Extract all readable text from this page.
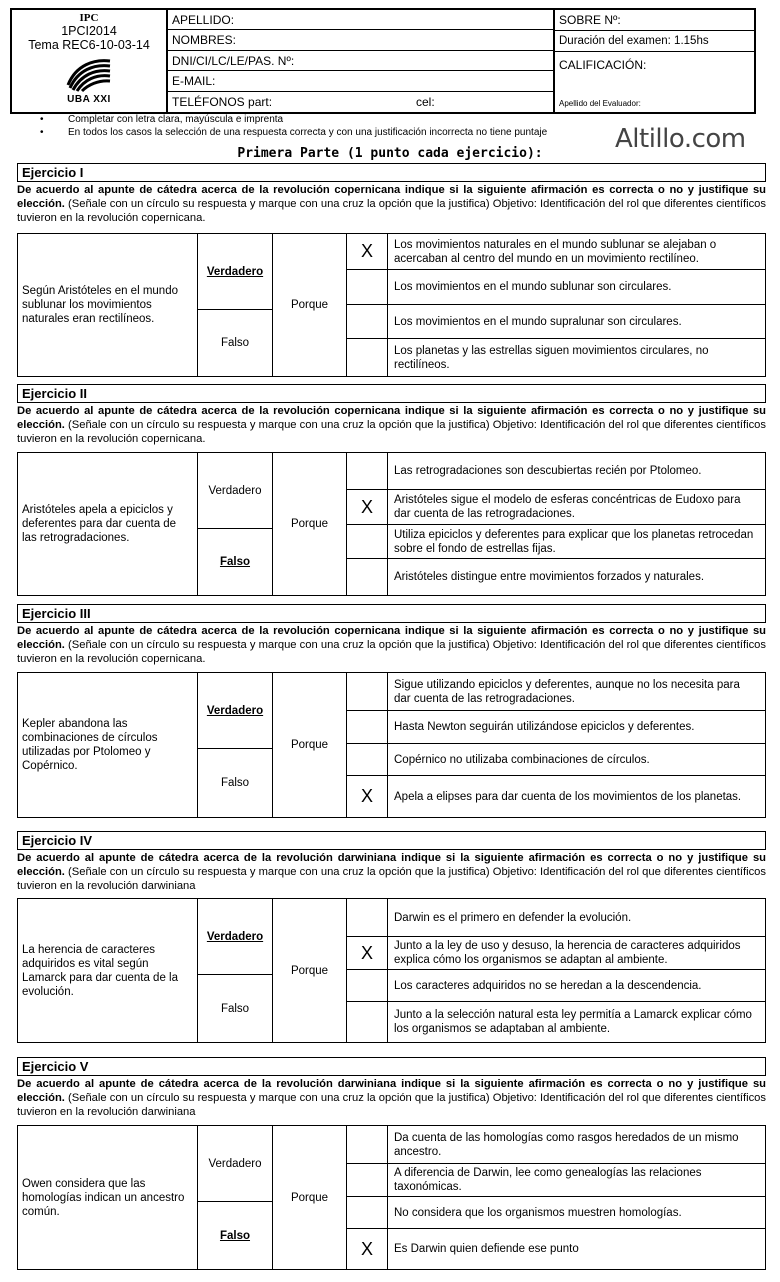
IPC
1PCI2014
Tema REC6-10-03-14
UBA XXI
APELLIDO:
NOMBRES:
DNI/CI/LC/LE/PAS. Nº:
E-MAIL:
TELÉFONOS part:	cel:
SOBRE Nº:
Duración del examen: 1.15hs
CALIFICACIÓN:
Apellido del Evaluador:
• Completar con letra clara, mayúscula e imprenta
• En todos los casos la selección de una respuesta correcta y con una justificación incorrecta no tiene puntaje	Altillo.com
Primera Parte (1 punto cada ejercicio):
Ejercicio I
De acuerdo al apunte de cátedra acerca de la revolución copernicana indique si la siguiente afirmación es correcta o no y justifique su elección. (Señale con un círculo su respuesta y marque con una cruz la opción que la justifica) Objetivo: Identificación del rol que diferentes científicos tuvieron en la revolución copernicana.
Según Aristóteles en el mundo sublunar los movimientos naturales eran rectilíneos.
Verdadero
Falso
Porque
X	Los movimientos naturales en el mundo sublunar se alejaban o acercaban al centro del mundo en un movimiento rectilíneo.
Los movimientos en el mundo sublunar son circulares.
Los movimientos en el mundo supralunar son circulares.
Los planetas y las estrellas siguen movimientos circulares, no rectilíneos.
Ejercicio II
De acuerdo al apunte de cátedra acerca de la revolución copernicana indique si la siguiente afirmación es correcta o no y justifique su elección. (Señale con un círculo su respuesta y marque con una cruz la opción que la justifica) Objetivo: Identificación del rol que diferentes científicos tuvieron en la revolución copernicana.
Aristóteles apela a epiciclos y deferentes para dar cuenta de las retrogradaciones.
Verdadero
Falso
Porque
Las retrogradaciones son descubiertas recién por Ptolomeo.
X	Aristóteles sigue el modelo de esferas concéntricas de Eudoxo para dar cuenta de las retrogradaciones.
Utiliza epiciclos y deferentes para explicar que los planetas retrocedan sobre el fondo de estrellas fijas.
Aristóteles distingue entre movimientos forzados y naturales.
Ejercicio III
De acuerdo al apunte de cátedra acerca de la revolución copernicana indique si la siguiente afirmación es correcta o no y justifique su elección. (Señale con un círculo su respuesta y marque con una cruz la opción que la justifica) Objetivo: Identificación del rol que diferentes científicos tuvieron en la revolución copernicana.
Kepler abandona las combinaciones de círculos utilizadas por Ptolomeo y Copérnico.
Verdadero
Falso
Porque
Sigue utilizando epiciclos y deferentes, aunque no los necesita para dar cuenta de las retrogradaciones.
Hasta Newton seguirán utilizándose epiciclos y deferentes.
Copérnico no utilizaba combinaciones de círculos.
X	Apela a elipses para dar cuenta de los movimientos de los planetas.
Ejercicio IV
De acuerdo al apunte de cátedra acerca de la revolución darwiniana indique si la siguiente afirmación es correcta o no y justifique su elección. (Señale con un círculo su respuesta y marque con una cruz la opción que la justifica) Objetivo: Identificación del rol que diferentes científicos tuvieron en la revolución darwiniana
La herencia de caracteres adquiridos es vital según Lamarck para dar cuenta de la evolución.
Verdadero
Falso
Porque
Darwin es el primero en defender la evolución.
X	Junto a la ley de uso y desuso, la herencia de caracteres adquiridos explica cómo los organismos se adaptan al ambiente.
Los caracteres adquiridos no se heredan a la descendencia.
Junto a la selección natural esta ley permitía a Lamarck explicar cómo los organismos se adaptaban al ambiente.
Ejercicio V
De acuerdo al apunte de cátedra acerca de la revolución darwiniana indique si la siguiente afirmación es correcta o no y justifique su elección. (Señale con un círculo su respuesta y marque con una cruz la opción que la justifica) Objetivo: Identificación del rol que diferentes científicos tuvieron en la revolución darwiniana
Owen considera que las homologías indican un ancestro común.
Verdadero
Falso
Porque
Da cuenta de las homologías como rasgos heredados de un mismo ancestro.
A diferencia de Darwin, lee como genealogías las relaciones taxonómicas.
No considera que los organismos muestren homologías.
X	Es Darwin quien defiende ese punto
